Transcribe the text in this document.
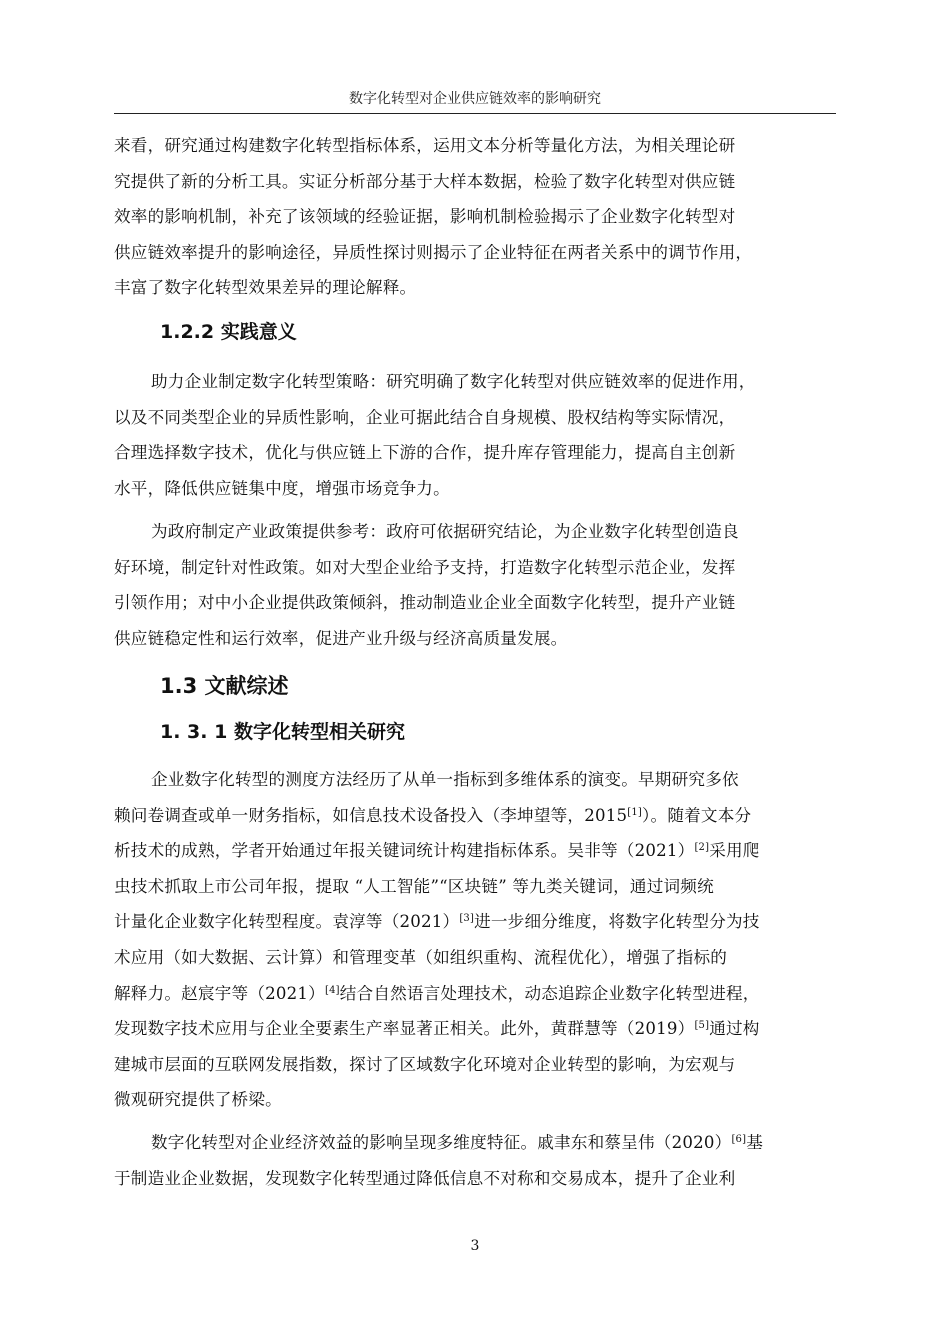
数字化转型对企业供应链效率的影响研究
来看，研究通过构建数字化转型指标体系，运用文本分析等量化方法，为相关理论研
究提供了新的分析工具。实证分析部分基于大样本数据，检验了数字化转型对供应链
效率的影响机制，补充了该领域的经验证据，影响机制检验揭示了企业数字化转型对
供应链效率提升的影响途径，异质性探讨则揭示了企业特征在两者关系中的调节作用，
丰富了数字化转型效果差异的理论解释。
1.2.2 实践意义
助力企业制定数字化转型策略：研究明确了数字化转型对供应链效率的促进作用，
以及不同类型企业的异质性影响，企业可据此结合自身规模、股权结构等实际情况，
合理选择数字技术，优化与供应链上下游的合作，提升库存管理能力，提高自主创新
水平，降低供应链集中度，增强市场竞争力。
为政府制定产业政策提供参考：政府可依据研究结论，为企业数字化转型创造良
好环境，制定针对性政策。如对大型企业给予支持，打造数字化转型示范企业，发挥
引领作用；对中小企业提供政策倾斜，推动制造业企业全面数字化转型，提升产业链
供应链稳定性和运行效率，促进产业升级与经济高质量发展。
1.3 文献综述
1. 3. 1 数字化转型相关研究
企业数字化转型的测度方法经历了从单一指标到多维体系的演变。早期研究多依
赖问卷调查或单一财务指标，如信息技术设备投入（李坤望等，2015[1]）。随着文本分
析技术的成熟，学者开始通过年报关键词统计构建指标体系。吴非等（2021）[2]采用爬
虫技术抓取上市公司年报，提取 “人工智能”“区块链” 等九类关键词，通过词频统
计量化企业数字化转型程度。袁淳等（2021）[3]进一步细分维度，将数字化转型分为技
术应用（如大数据、云计算）和管理变革（如组织重构、流程优化），增强了指标的
解释力。赵宸宇等（2021）[4]结合自然语言处理技术，动态追踪企业数字化转型进程，
发现数字技术应用与企业全要素生产率显著正相关。此外，黄群慧等（2019）[5]通过构
建城市层面的互联网发展指数，探讨了区域数字化环境对企业转型的影响，为宏观与
微观研究提供了桥梁。
数字化转型对企业经济效益的影响呈现多维度特征。戚聿东和蔡呈伟（2020）[6]基
于制造业企业数据，发现数字化转型通过降低信息不对称和交易成本，提升了企业利
3
